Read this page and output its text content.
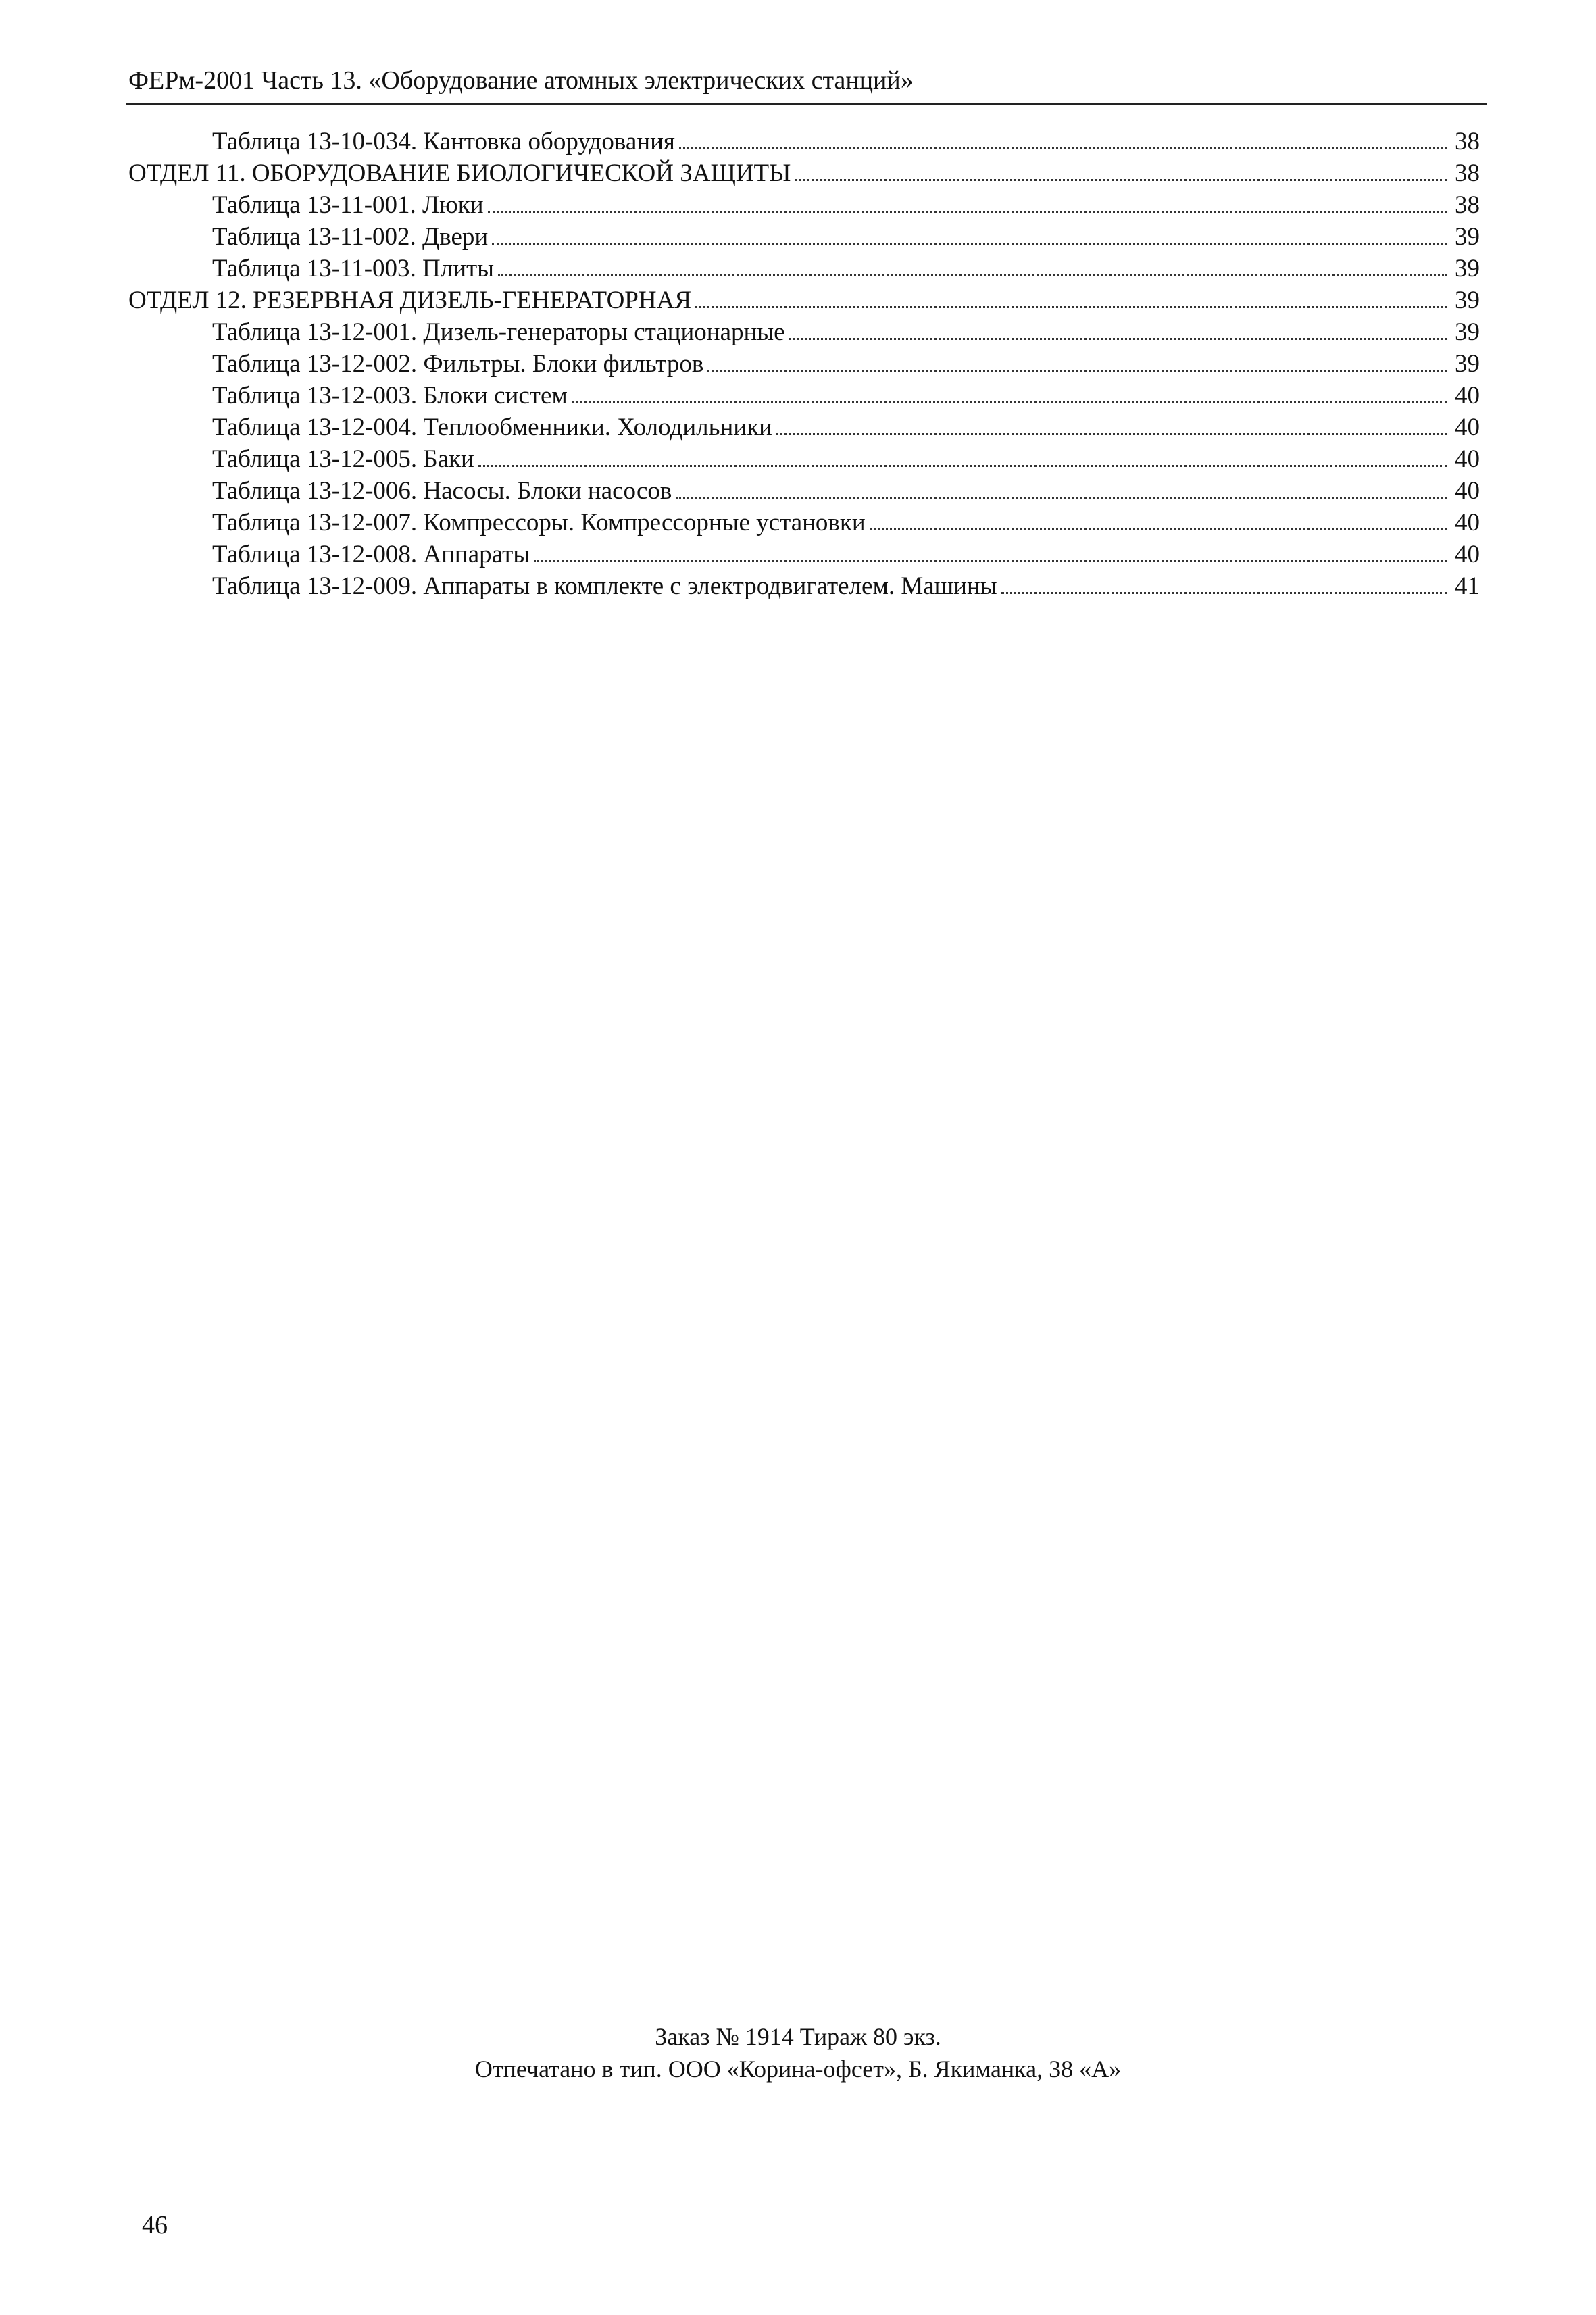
ФЕРм-2001 Часть 13. «Оборудование атомных электрических станций»
Таблица 13-10-034. Кантовка оборудования	38
ОТДЕЛ 11. ОБОРУДОВАНИЕ БИОЛОГИЧЕСКОЙ ЗАЩИТЫ	38
Таблица 13-11-001. Люки	38
Таблица 13-11-002. Двери	39
Таблица 13-11-003. Плиты	39
ОТДЕЛ 12. РЕЗЕРВНАЯ ДИЗЕЛЬ-ГЕНЕРАТОРНАЯ	39
Таблица 13-12-001. Дизель-генераторы стационарные	39
Таблица 13-12-002. Фильтры. Блоки фильтров	39
Таблица 13-12-003. Блоки систем	40
Таблица 13-12-004. Теплообменники. Холодильники	40
Таблица 13-12-005. Баки	40
Таблица 13-12-006. Насосы. Блоки насосов	40
Таблица 13-12-007. Компрессоры. Компрессорные установки	40
Таблица 13-12-008. Аппараты	40
Таблица 13-12-009. Аппараты в комплекте с электродвигателем. Машины	41
Заказ № 1914 Тираж 80 экз.
Отпечатано в тип. ООО «Корина-офсет», Б. Якиманка, 38 «А»
46
